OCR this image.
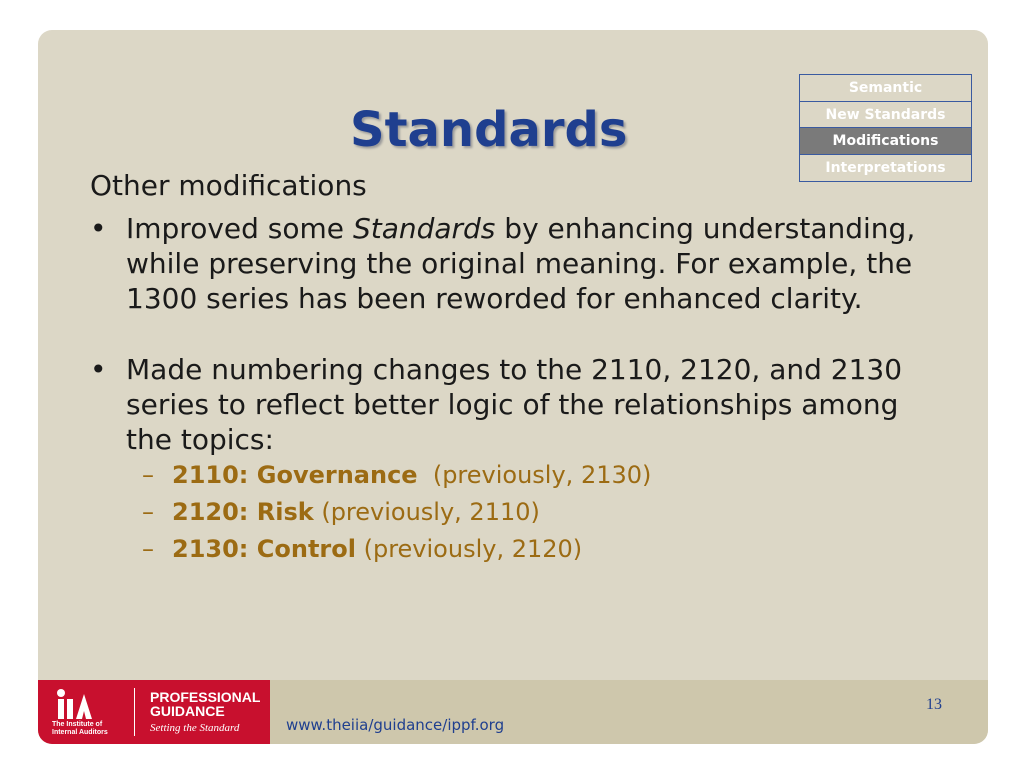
Standards
Semantic
New Standards
Modifications
Interpretations

Other modifications

• Improved some Standards by enhancing understanding, while preserving the original meaning. For example, the 1300 series has been reworded for enhanced clarity.

• Made numbering changes to the 2110, 2120, and 2130 series to reflect better logic of the relationships among the topics:

– 2110: Governance  (previously, 2130)
– 2120: Risk (previously, 2110)
– 2130: Control (previously, 2120)
The Institute of
Internal Auditors
PROFESSIONAL
GUIDANCE
Setting the Standard	www.theiia/guidance/ippf.org
13
